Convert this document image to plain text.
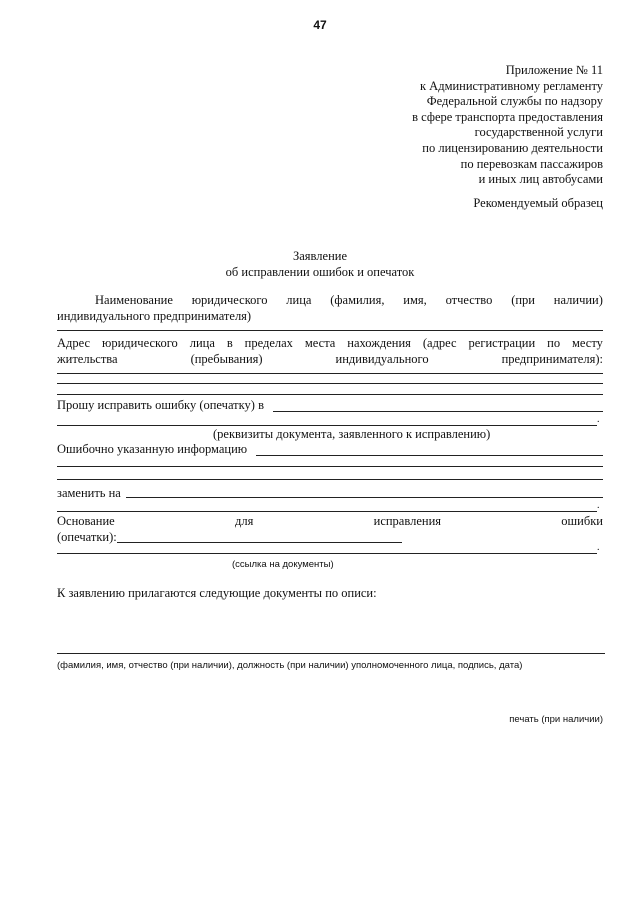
47
Приложение № 11
к Административному регламенту
Федеральной службы по надзору
в сфере транспорта предоставления
государственной услуги
по лицензированию деятельности
по перевозкам пассажиров
и иных лиц автобусами
Рекомендуемый образец
Заявление
об исправлении ошибок и опечаток
Наименование юридического лица (фамилия, имя, отчество (при наличии)
индивидуального предпринимателя)
Адрес юридического лица в пределах места нахождения (адрес регистрации по месту
жительства	(пребывания)	индивидуального	предпринимателя):
Прошу исправить ошибку (опечатку) в
.
(реквизиты документа, заявленного к исправлению)
Ошибочно указанную информацию
заменить на
.
Основание	для	исправления	ошибки
(опечатки):
.
(ссылка на документы)
К заявлению прилагаются следующие документы по описи:
(фамилия, имя, отчество (при наличии), должность (при наличии) уполномоченного лица, подпись, дата)
печать (при наличии)
